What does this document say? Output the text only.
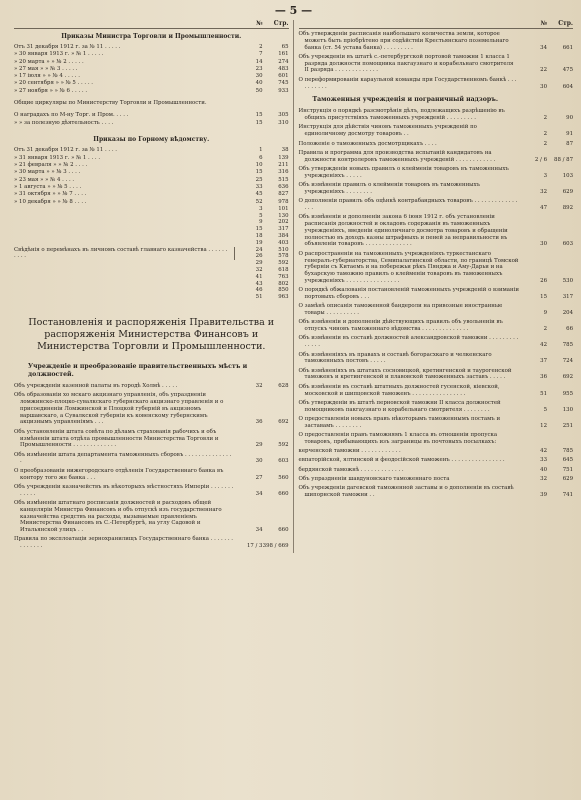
— 5 —
№	Стр.
Приказы Министра Торговли и Промышленности.
Отъ 31 декабря 1912 г. за № 11 . . . . .	2	65
» 30 января 1913 г. » № 1 . . . . .	7	161
» 20 марта » » № 2 . . . . .	14	274
» 27 мая » » № 3 . . . . .	23	483
» 17 iюля » » № 4 . . . . .	30	601
» 20 сентября » » № 5 . . . . .	40	745
» 27 ноября » » № 6 . . . . .	50	933
Общие циркуляры по Министерству Торговли и Промышленности.
О наградахъ по М-ну Торг. и Пром. . . . .	15	305
» » за полезную дѣятельность . . . .	15	310
Приказы по Горному вѣдомству.
Отъ 31 декабря 1912 г. за № 11 . . . .	1	38
» 31 января 1913 г. » № 1 . . . .	6	139
» 21 февраля » » № 2 . . . .	10	211
» 30 марта » » № 3 . . . .	15	316
» 23 мая » » № 4 . . . .	25	515
» 1 августа » » № 5 . . . .	33	636
» 31 октября » » № 7 . . . .	45	827
» 10 декабря » » № 8 . . . .	52	978
Свѣдѣнiя о перемѣнахъ въ личномъ составѣ главнаго казначейства . . . . . . . . . .
3	101
5	130
9	202
15	317
18	384
19	403
24	510
26	578
29	592
32	618
41	763
43	802
46	850
51	963
Постановленiя и распоряженiя Правительства и распоряженiя Министерства Финансовъ и Министерства Торговли и Промышленности.
Учрежденiе и преобразованiе правительственныхъ мѣстъ и должностей.
Объ учрежденiи казенной палаты въ городѣ Холмѣ . . . . .	32	628
Объ образованiи хо мскаго акцизнаго управленiя, объ упраздненiи ломжинско-плоцко-сувалкскаго губернскаго акцизнаго управленiя и о присоединенiи Ломжинской и Плоцкой губерній въ акцизномъ варшавскаго, а Сувалкской губернiи къ ковенскому губернскимъ акцизнымъ управленiямъ . . .	36	692
Объ установленiи штата совѣта по дѣламъ страхованiя рабочихъ и объ измѣненiи штата отдѣла промышленности Министерства Торговли и Промышленности . . . . . . . . . . . . .	29	592
Объ измѣненiи штата департамента таможенныхъ сборовъ . . . . . . . . . . . . . . .	30	603
О преобразованiи нижегородскаго отдѣленiя Государственнаго банка въ контору того же банка . . .	27	560
Объ учрежденiи казначействъ въ нѣкоторыхъ мѣстностяхъ Имперiи . . . . . . . . . . . .	34	660
Объ измѣненiи штатнаго росписанiя должностей и расходовъ общей канцелярiи Министра Финансовъ и объ отпускѣ изъ государственнаго казначейства средствъ на расходы, вызываемые правленiемъ Министерства Финансовъ въ С.-Петербургѣ, на углу Садовой и Итальянской улицъ . .	34	660
Правила по эксплоатацiи зернохранилищъ Государственнаго банка . . . . . . . . . . . . . .	17 / 3 398 / 669
№	Стр.
Объ утвержденiи расписанiя наибольшаго количества земли, которое можетъ быть прiобрѣтено при содѣйствiи Крестьянскаго поземельнаго банка (ст. 54 устава банка) . . . . . . . . .	34	661
Объ учрежденiи въ штатѣ с.-петербургской портовой таможни 1 класса 1 разряда должности помощника пакгаузнаго и корабельнаго смотрителя II разряда . . . . . . . . . . . . .	22	475
О переформированiи караульной команды при Государственномъ банкѣ . . . . . . . . . .	30	604
Таможенныя учрежденiя и пограничный надзоръ.
Инструкцiя о порядкѣ разсмотрѣнiя дѣлъ, подлежащихъ разрѣшенiю въ общихъ присутствiяхъ таможенныхъ учрежденiй . . . . . . . . .	2	90
Инструкцiя для дѣйствiя чиновъ таможенныхъ учрежденiй по единоличному досмотру товаровъ . .	2	91
Положенiе о таможенныхъ досмотрщикахъ . . . .	2	87
Правила и программа для производства испытанiй кандидатовъ на должности контролеровъ таможенныхъ учрежденiй . . . . . . . . . . . .	2 / 6	88 / 87
Объ утвержденiи новыхъ правилъ о клейменiи товаровъ въ таможенныхъ учрежденiяхъ . . . . .	3	103
Объ измѣненiи правилъ о клейменiи товаровъ въ таможенныхъ учрежденiяхъ . . . . . . . .	32	629
О дополненiи правилъ объ оцѣнкѣ контрабандныхъ товаровъ . . . . . . . . . . . . . . . .	47	892
Объ измѣненiи и дополненiи закона 6 iюня 1912 г. объ установленiи расписанiя должностей и окладовъ содержанiя въ таможенныхъ учрежденiяхъ, введенiи единоличнаго досмотра товаровъ и обращенiи полностью въ доходъ казны штрафныхъ и пеней за неправильности въ объявленiи товаровъ . . . . . . . . . . . . . .	30	603
О распространенiи на таможенныхъ учрежденiяхъ туркестанскаго генералъ-губернаторства, Семипалатинской области, по границѣ Томской губернiи съ Китаемъ и на побережьи рѣкъ Пянджа и Аму-Дарьи и на бухарскую таможню правилъ о клейменiи товаровъ въ таможенныхъ учрежденiяхъ . . . . . . . . . . . . . . . .	26	530
О порядкѣ обжалованiя постановленiй таможенныхъ учрежденiй о взиманiи портовыхъ сборовъ . . .	15	317
О замѣнѣ описанiя таможенной бандероли на привозные иностранные товары . . . . . . . . . .	9	204
Объ измѣненiи и дополненiи дѣйствующихъ правилъ объ увольненiи въ отпускъ чиновъ таможеннаго вѣдомства . . . . . . . . . . . . . .	2	66
Объ измѣненiи въ составѣ должностей александровской таможни . . . . . . . . . . . . . .	42	785
Объ измѣненiяхъ въ правахъ и составѣ богорасхкаго и челкенскаго таможенныхъ постовъ . . . . .	37	724
Объ измѣненiяхъ въ штатахъ сосновицкой, кретингенской и таурогенской таможенъ и кретингенской и плавовской таможенныхъ заставъ . . . . .	36	692
Объ измѣненiи въ составѣ штатныхъ должностей гусенской, кiевской, московской и шипцовской таможенъ . . . . . . . . . . . . . . . .	51	955
Объ утвержденiи въ штатѣ перновской таможни II класса должностей помощниковъ пакгаузнаго и корабельнаго смотрителя . . . . . . . .	5	130
О предоставленiи новыхъ правъ нѣкоторымъ таможеннымъ постамъ и заставамъ . . . . . . . .	12	251
О предоставленiи правъ таможнямъ 1 класса въ отношенiи пропуска товаровъ, прибывающихъ изъ заграницы въ почтовыхъ посылкахъ:
керченской таможни . . . . . . . . . . . .	42	785
евпаторiйской, ялтинской и феодосiйской таможенъ . . . . . . . . . . . . . . . .	33	645
бердянской таможнѣ . . . . . . . . . . . . .	40	751
Объ упраздненiи шавдуновскаго таможеннаго поста	32	629
Объ учрежденiи дагевской таможенной заставы и о дополненiи въ составѣ шипорнской таможни . .	39	741
